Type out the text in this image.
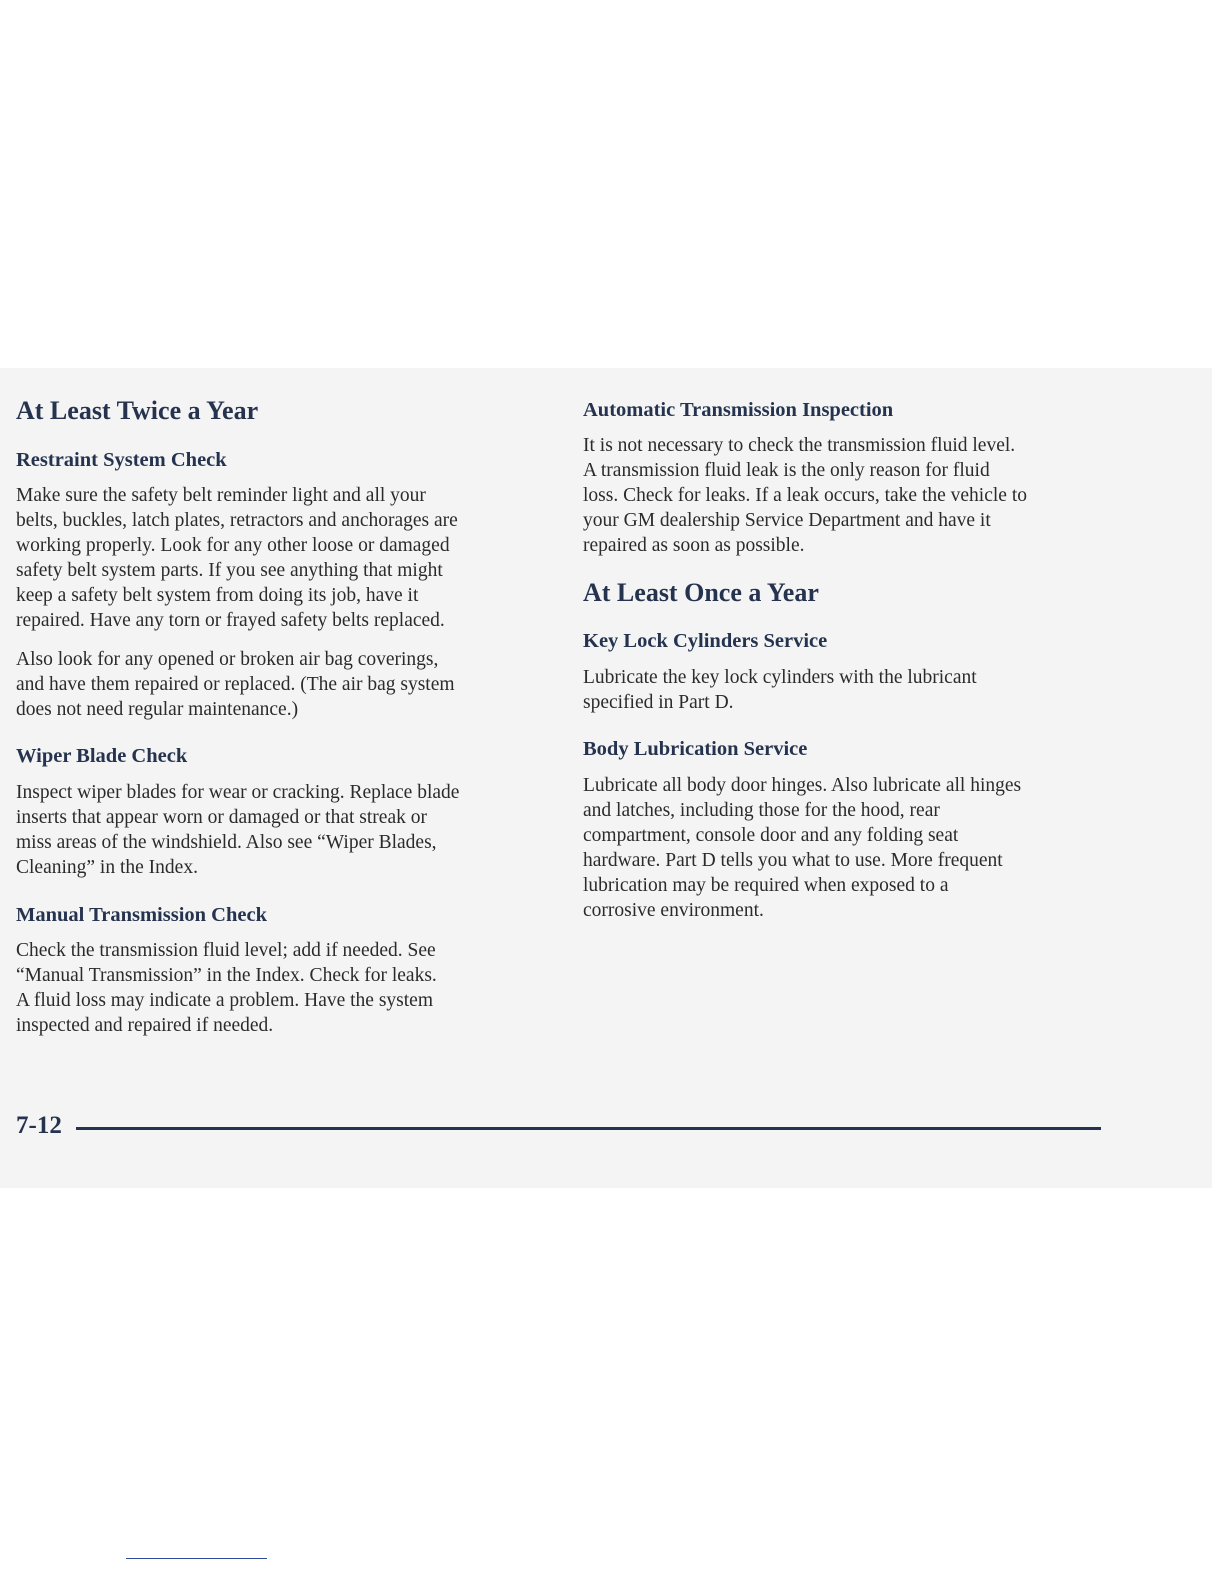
At Least Twice a Year
Restraint System Check

Make sure the safety belt reminder light and all your
belts, buckles, latch plates, retractors and anchorages are
working properly. Look for any other loose or damaged
safety belt system parts. If you see anything that might
keep a safety belt system from doing its job, have it
repaired. Have any torn or frayed safety belts replaced.

Also look for any opened or broken air bag coverings,
and have them repaired or replaced. (The air bag system
does not need regular maintenance.)

Wiper Blade Check

Inspect wiper blades for wear or cracking. Replace blade
inserts that appear worn or damaged or that streak or
miss areas of the windshield. Also see “Wiper Blades,
Cleaning” in the Index.

Manual Transmission Check

Check the transmission fluid level; add if needed. See
“Manual Transmission” in the Index. Check for leaks.
A fluid loss may indicate a problem. Have the system
inspected and repaired if needed.

Automatic Transmission Inspection

It is not necessary to check the transmission fluid level.
A transmission fluid leak is the only reason for fluid
loss. Check for leaks. If a leak occurs, take the vehicle to
your GM dealership Service Department and have it
repaired as soon as possible.

At Least Once a Year
Key Lock Cylinders Service

Lubricate the key lock cylinders with the lubricant
specified in Part D.

Body Lubrication Service

Lubricate all body door hinges. Also lubricate all hinges
and latches, including those for the hood, rear
compartment, console door and any folding seat
hardware. Part D tells you what to use. More frequent
lubrication may be required when exposed to a
corrosive environment.

7-12
